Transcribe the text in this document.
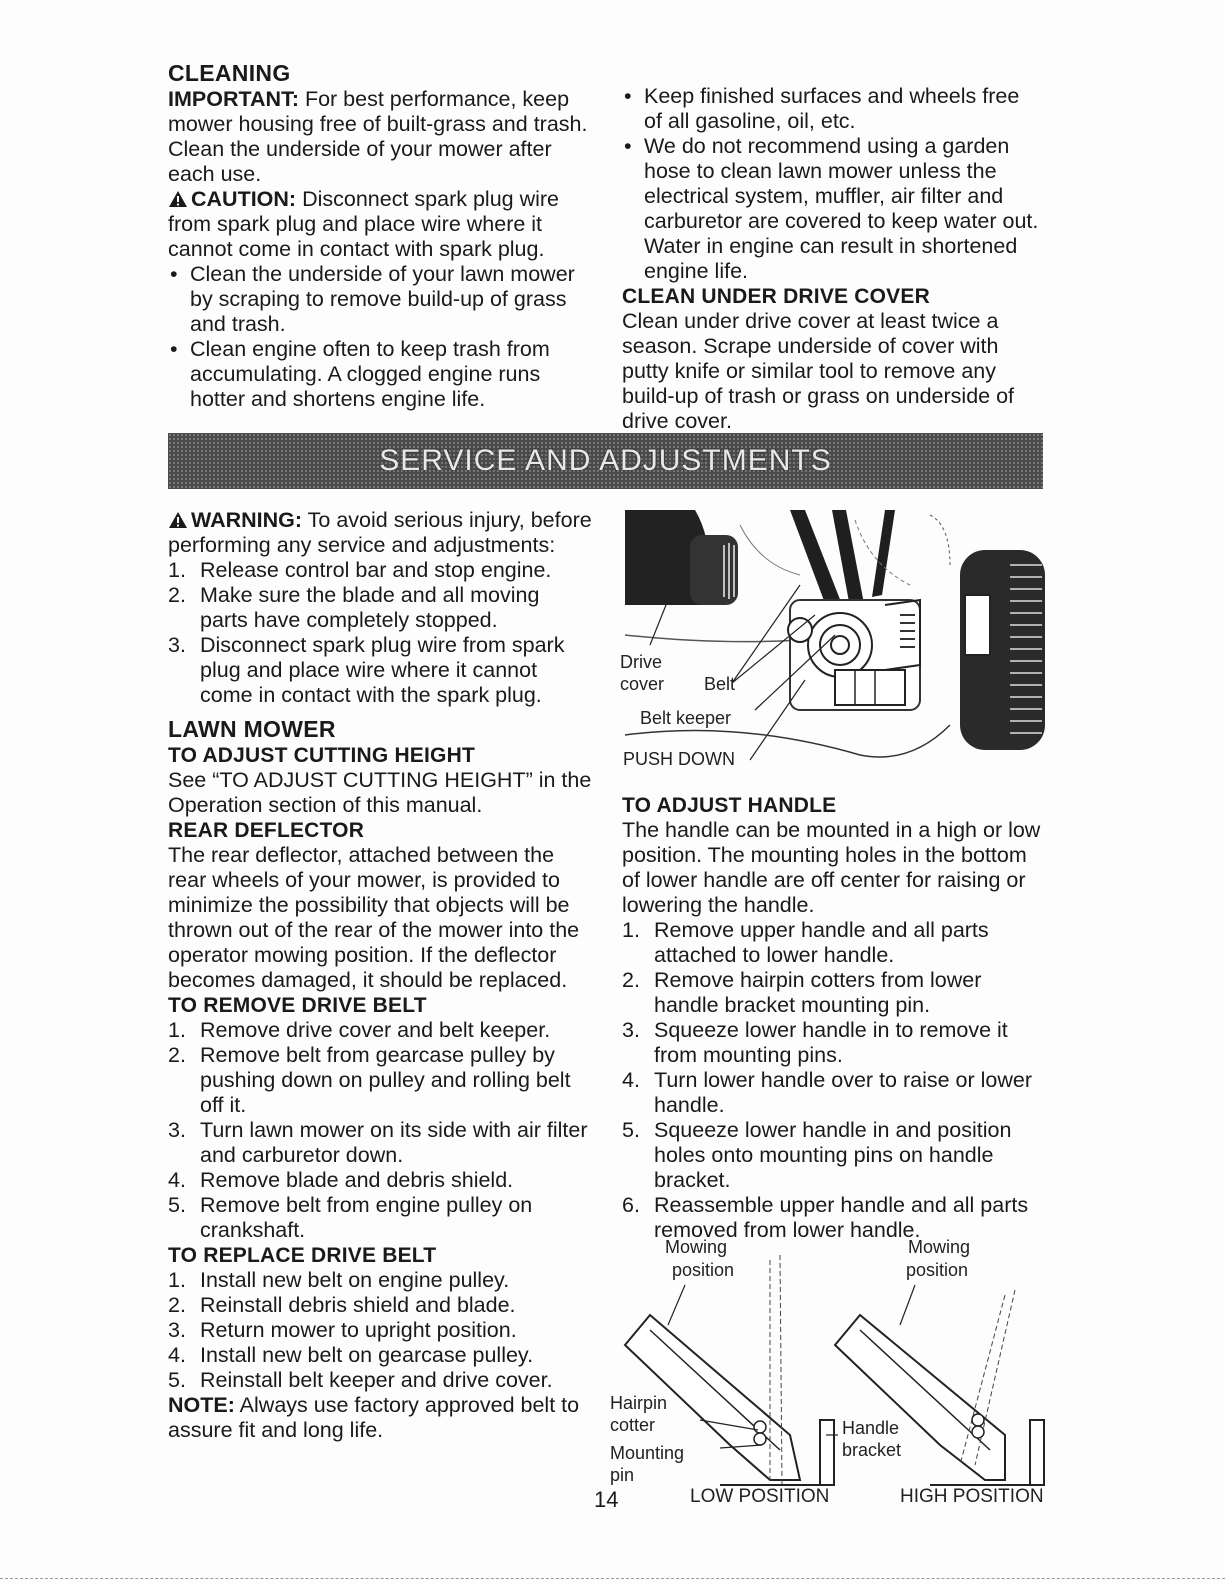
CLEANING

IMPORTANT: For best performance, keep mower housing free of built-grass and trash. Clean the underside of your mower after each use.

CAUTION: Disconnect spark plug wire from spark plug and place wire where it cannot come in contact with spark plug.

• Clean the underside of your lawn mower by scraping to remove build-up of grass and trash.
• Clean engine often to keep trash from accumulating. A clogged engine runs hotter and shortens engine life.
• Keep finished surfaces and wheels free of all gasoline, oil, etc.
• We do not recommend using a garden hose to clean lawn mower unless the electrical system, muffler, air filter and carburetor are covered to keep water out. Water in engine can result in shortened engine life.

CLEAN UNDER DRIVE COVER

Clean under drive cover at least twice a season. Scrape underside of cover with putty knife or similar tool to remove any build-up of trash or grass on underside of drive cover.

SERVICE AND ADJUSTMENTS

WARNING: To avoid serious injury, before performing any service and adjustments:

1. Release control bar and stop engine.
2. Make sure the blade and all moving parts have completely stopped.
3. Disconnect spark plug wire from spark plug and place wire where it cannot come in contact with the spark plug.

LAWN MOWER

TO ADJUST CUTTING HEIGHT

See “TO ADJUST CUTTING HEIGHT” in the Operation section of this manual.

REAR DEFLECTOR

The rear deflector, attached between the rear wheels of your mower, is provided to minimize the possibility that objects will be thrown out of the rear of the mower into the operator mowing position. If the deflector becomes damaged, it should be replaced.

TO REMOVE DRIVE BELT

1. Remove drive cover and belt keeper.
2. Remove belt from gearcase pulley by pushing down on pulley and rolling belt off it.
3. Turn lawn mower on its side with air filter and carburetor down.
4. Remove blade and debris shield.
5. Remove belt from engine pulley on crankshaft.

TO REPLACE DRIVE BELT

1. Install new belt on engine pulley.
2. Reinstall debris shield and blade.
3. Return mower to upright position.
4. Install new belt on gearcase pulley.
5. Reinstall belt keeper and drive cover.

NOTE: Always use factory approved belt to assure fit and long life.

Drive
cover Belt
Belt keeper
PUSH DOWN

TO ADJUST HANDLE

The handle can be mounted in a high or low position. The mounting holes in the bottom of lower handle are off center for raising or lowering the handle.

1. Remove upper handle and all parts attached to lower handle.
2. Remove hairpin cotters from lower handle bracket mounting pin.
3. Squeeze lower handle in to remove it from mounting pins.
4. Turn lower handle over to raise or lower handle.
5. Squeeze lower handle in and position holes onto mounting pins on handle bracket.
6. Reassemble upper handle and all parts removed from lower handle.
Mowing
position
Mowing
position
Hairpin
cotter
Mounting
pin
Handle
bracket
LOW POSITION	HIGH POSITION
14
